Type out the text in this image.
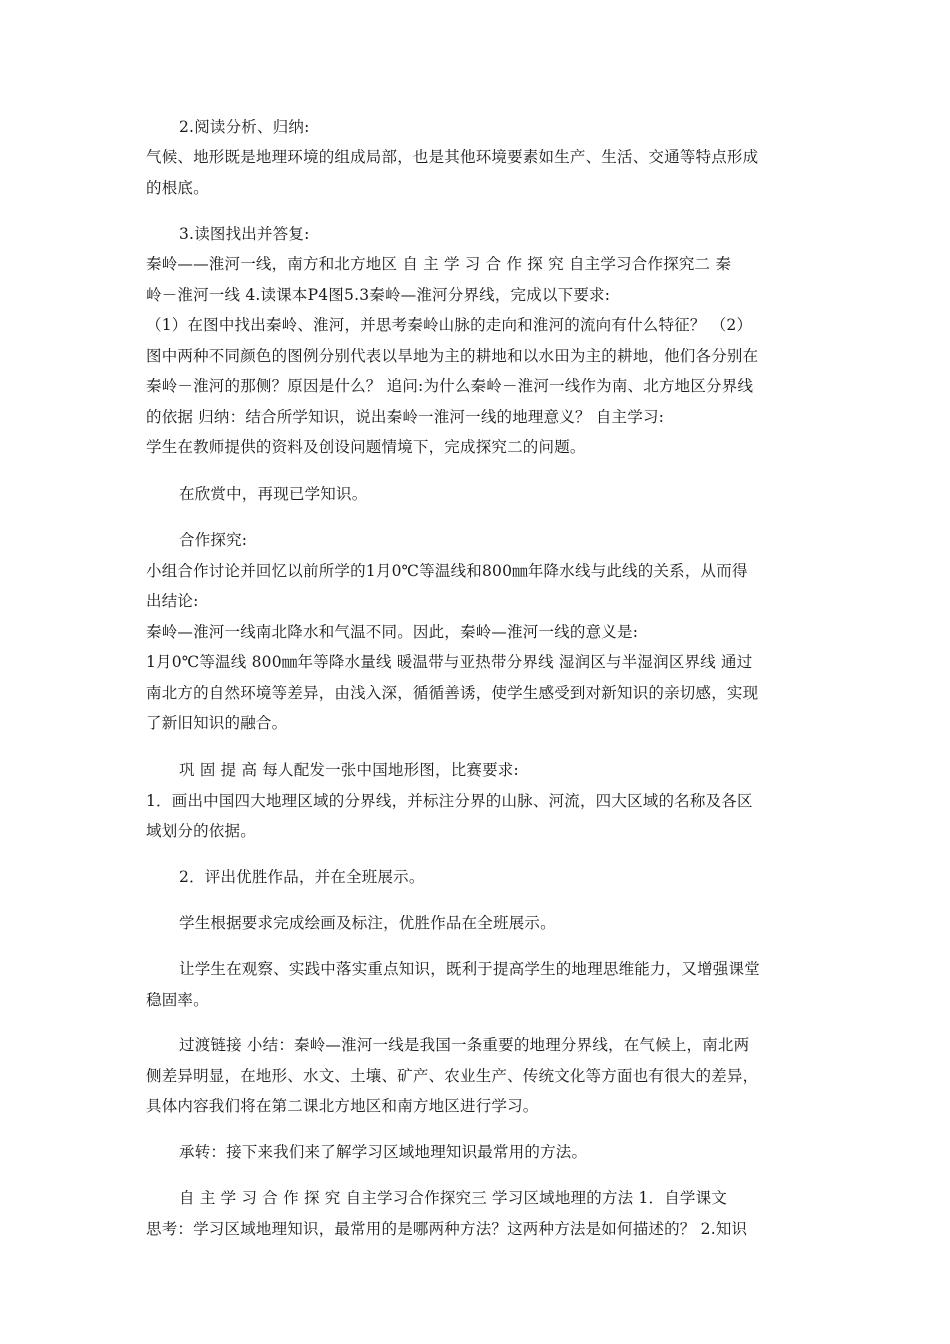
2.阅读分析、归纳:

气候、地形既是地理环境的组成局部，也是其他环境要素如生产、生活、交通等特点形成
的根底。

3.读图找出并答复:

秦岭——淮河一线，南方和北方地区 自 主 学 习 合 作 探 究 自主学习合作探究二 秦
岭－淮河一线 4.读课本P4图5.3秦岭—淮河分界线，完成以下要求:
（1）在图中找出秦岭、淮河，并思考秦岭山脉的走向和淮河的流向有什么特征？ （2）
图中两种不同颜色的图例分别代表以旱地为主的耕地和以水田为主的耕地，他们各分别在
秦岭－淮河的那侧？原因是什么？ 追问:为什么秦岭－淮河一线作为南、北方地区分界线
的依据 归纳：结合所学知识，说出秦岭一淮河一线的地理意义？ 自主学习:
学生在教师提供的资料及创设问题情境下，完成探究二的问题。

在欣赏中，再现已学知识。

合作探究:
小组合作讨论并回忆以前所学的1月0℃等温线和800㎜年降水线与此线的关系，从而得
出结论:
秦岭—淮河一线南北降水和气温不同。因此，秦岭—淮河一线的意义是:
1月0℃等温线 800㎜年等降水量线 暖温带与亚热带分界线 湿润区与半湿润区界线 通过
南北方的自然环境等差异，由浅入深，循循善诱，使学生感受到对新知识的亲切感，实现
了新旧知识的融合。

巩 固 提 高 每人配发一张中国地形图，比赛要求:
1．画出中国四大地理区域的分界线，并标注分界的山脉、河流，四大区域的名称及各区
域划分的依据。

2．评出优胜作品，并在全班展示。

学生根据要求完成绘画及标注，优胜作品在全班展示。

让学生在观察、实践中落实重点知识，既利于提高学生的地理思维能力，又增强课堂
稳固率。

过渡链接 小结：秦岭—淮河一线是我国一条重要的地理分界线，在气候上，南北两
侧差异明显，在地形、水文、土壤、矿产、农业生产、传统文化等方面也有很大的差异，
具体内容我们将在第二课北方地区和南方地区进行学习。

承转：接下来我们来了解学习区域地理知识最常用的方法。

自 主 学 习 合 作 探 究 自主学习合作探究三 学习区域地理的方法 1．自学课文
思考：学习区域地理知识，最常用的是哪两种方法？这两种方法是如何描述的？ 2.知识
